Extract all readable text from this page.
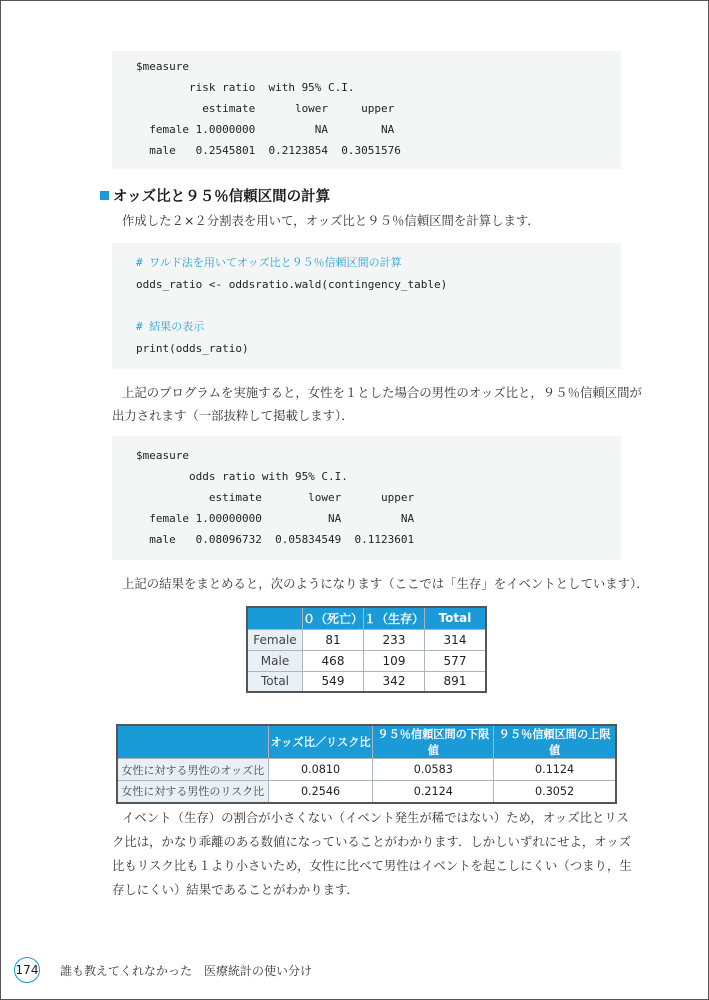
$measure
risk ratio  with 95% C.I.
estimate      lower     upper
female 1.0000000         NA        NA
male   0.2545801  0.2123854  0.3051576
オッズ比と９５％信頼区間の計算
作成した２×２分割表を用いて，オッズ比と９５％信頼区間を計算します．
# ワルド法を用いてオッズ比と９５％信頼区間の計算
odds_ratio <- oddsratio.wald(contingency_table)
# 結果の表示
print(odds_ratio)
上記のプログラムを実施すると，女性を１とした場合の男性のオッズ比と，９５％信頼区間が
出力されます（一部抜粋して掲載します）．
$measure
odds ratio with 95% C.I.
estimate       lower      upper
female 1.00000000          NA         NA
male   0.08096732  0.05834549  0.1123601
上記の結果をまとめると，次のようになります（ここでは「生存」をイベントとしています）．
	０（死亡）	１（生存）	Total
Female	81	233	314
Male	468	109	577
Total	549	342	891
	オッズ比／リスク比	９５％信頼区間の下限値	９５％信頼区間の上限値
女性に対する男性のオッズ比	0.0810	0.0583	0.1124
女性に対する男性のリスク比	0.2546	0.2124	0.3052
イベント（生存）の割合が小さくない（イベント発生が稀ではない）ため，オッズ比とリス
ク比は，かなり乖離のある数値になっていることがわかります．しかしいずれにせよ，オッズ
比もリスク比も１より小さいため，女性に比べて男性はイベントを起こしにくい（つまり，生
存しにくい）結果であることがわかります．
174 誰も教えてくれなかった　医療統計の使い分け
